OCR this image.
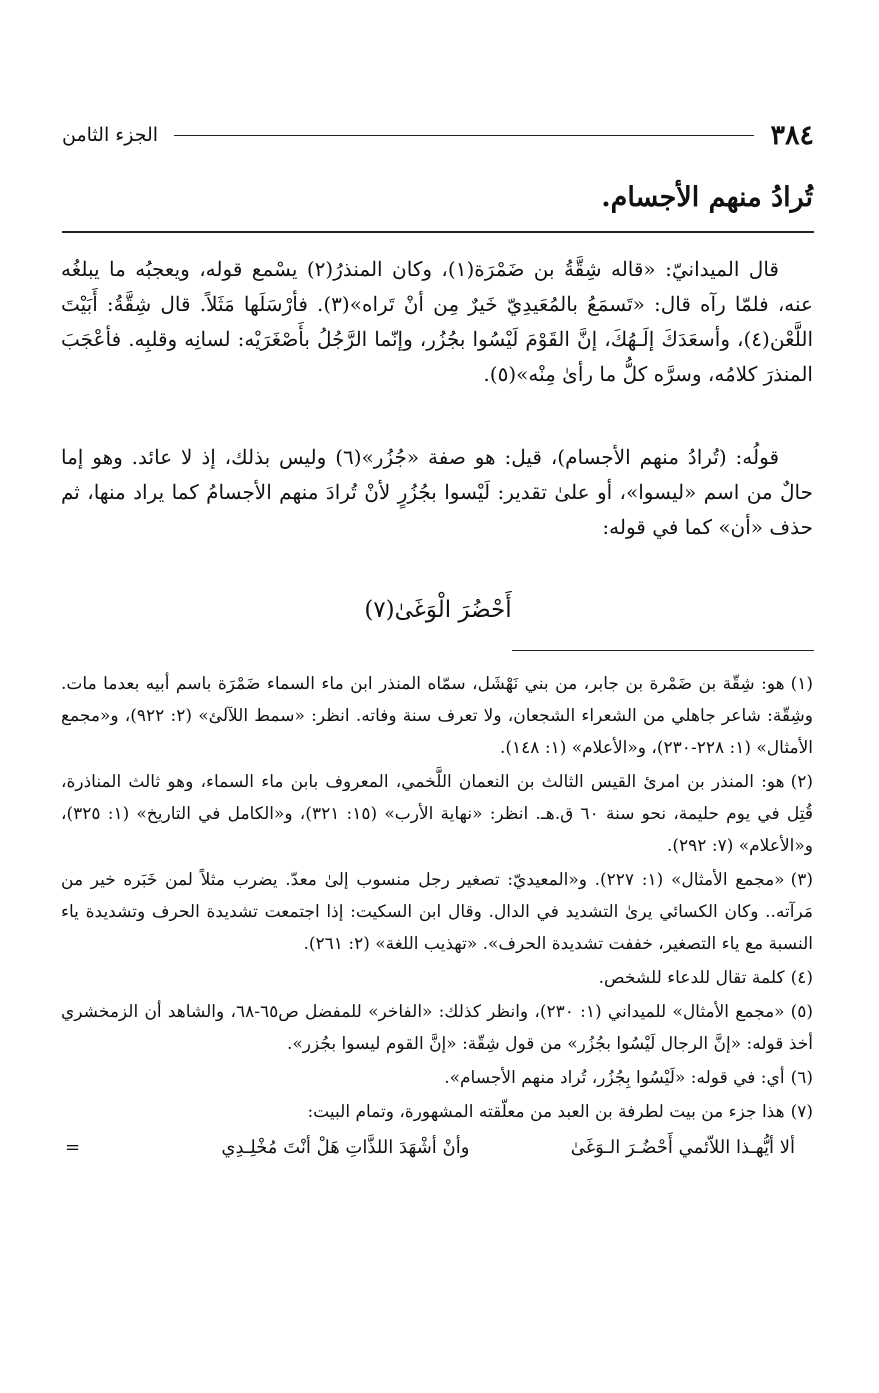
٣٨٤
الجزء الثامن
تُرادُ منهم الأجسام.

قال الميدانيّ: «قاله شِقَّةُ بن ضَمْرَة(١)، وكان المنذرُ(٢) يسْمع قوله، ويعجبُه ما يبلغُه عنه، فلمّا رآه قال: «تَسمَعُ بالمُعَيدِيّ خَيرٌ مِن أنْ تَراه»(٣). فأرْسَلَها مَثَلاً. قال شِقَّةُ: أَبَيْتَ اللَّعْن(٤)، وأسعَدَكَ إلَـهُكَ، إنَّ القَوْمَ لَيْسُوا بجُزُر، وإنّما الرَّجُلُ بأَصْغَرَيْه: لسانِه وقلبِه. فأعْجَبَ المنذرَ كلامُه، وسرَّه كلُّ ما رأىٰ مِنْه»(٥).

قولُه: (تُرادُ منهم الأجسام)، قيل: هو صفة «جُزُر»(٦) وليس بذلك، إذ لا عائد. وهو إما حالٌ من اسم «ليسوا»، أو علىٰ تقدير: لَيْسوا بجُزُرٍ لأنْ تُرادَ منهم الأجسامُ كما يراد منها، ثم حذف «أن» كما في قوله:

أَحْضُرَ الْوَغَىٰ(٧)

(١)هو: شِقّة بن ضَمْرة بن جابر، من بني نَهْشَل، سمّاه المنذر ابن ماء السماء ضَمْرَة باسم أبيه بعدما مات. وشِقّة: شاعر جاهلي من الشعراء الشجعان، ولا تعرف سنة وفاته. انظر: «سمط اللآلئ» (٢: ٩٢٢)، و«مجمع الأمثال» (١: ٢٢٨-٢٣٠)، و«الأعلام» (١: ١٤٨).

(٢)هو: المنذر بن امرئ القيس الثالث بن النعمان اللَّخمي، المعروف بابن ماء السماء، وهو ثالث المناذرة، قُتِل في يوم حليمة، نحو سنة ٦٠ ق.هـ. انظر: «نهاية الأرب» (١٥: ٣٢١)، و«الكامل في التاريخ» (١: ٣٢٥)، و«الأعلام» (٧: ٢٩٢).

(٣)«مجمع الأمثال» (١: ٢٢٧). و«المعيديّ: تصغير رجل منسوب إلىٰ معدّ. يضرب مثلاً لمن خَبَره خير من مَرآته.. وكان الكسائي يرىٰ التشديد في الدال. وقال ابن السكيت: إذا اجتمعت تشديدة الحرف وتشديدة ياء النسبة مع ياء التصغير، خففت تشديدة الحرف». «تهذيب اللغة» (٢: ٢٦١).

(٤)كلمة تقال للدعاء للشخص.

(٥)«مجمع الأمثال» للميداني (١: ٢٣٠)، وانظر كذلك: «الفاخر» للمفضل ص٦٥-٦٨، والشاهد أن الزمخشري أخذ قوله: «إنَّ الرجال لَيْسُوا بجُزُر» من قول شِقّة: «إنَّ القوم ليسوا بجُزر».

(٦)أي: في قوله: «لَيْسُوا بِجُزُر، تُراد منهم الأجسام».

(٧)هذا جزء من بيت لطرفة بن العبد من معلّقته المشهورة، وتمام البيت:

ألا أيُّهـذا اللاّئمي أَحْضُـرَ الـوَغَىٰ
وأنْ أشْهَدَ اللذَّاتِ هَلْ أنْتَ مُخْلِـدِي
=
